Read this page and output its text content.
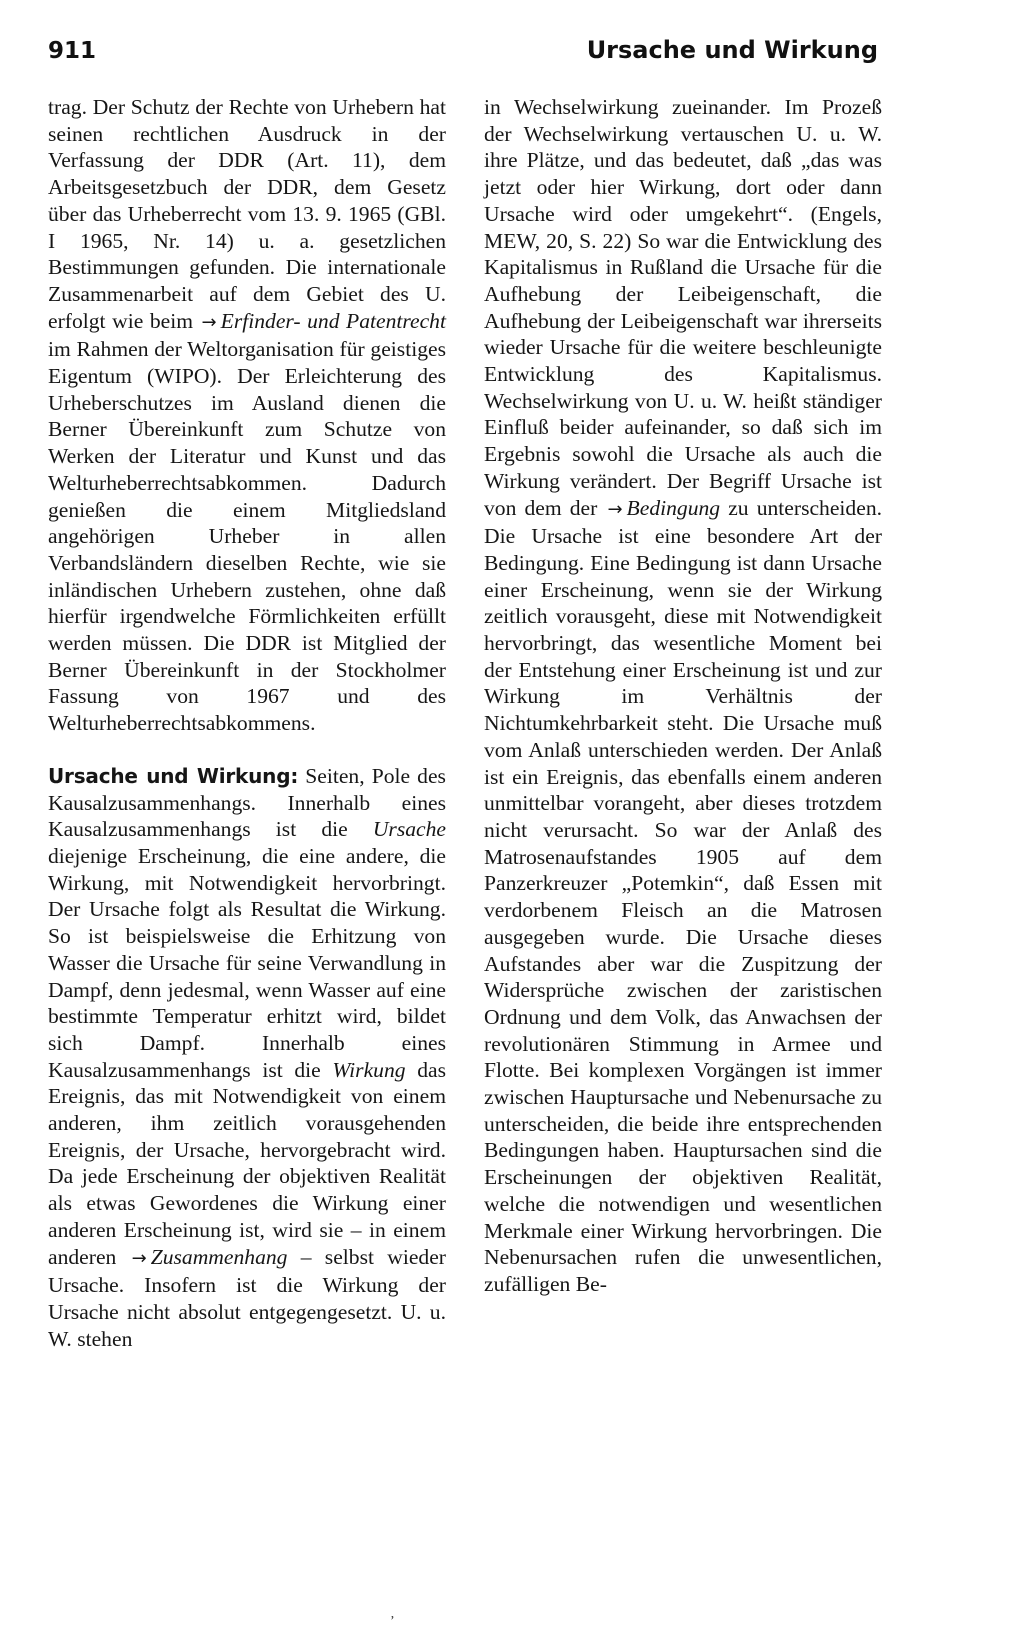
911	Ursache und Wirkung

trag. Der Schutz der Rechte von Urhebern hat seinen rechtlichen Ausdruck in der Verfassung der DDR (Art. 11), dem Arbeitsgesetzbuch der DDR, dem Gesetz über das Urheberrecht vom 13. 9. 1965 (GBl. I 1965, Nr. 14) u. a. gesetzlichen Bestimmungen gefunden. Die internationale Zusammenarbeit auf dem Gebiet des U. erfolgt wie beim → Erfinder- und Patentrecht im Rahmen der Weltorganisation für geistiges Eigentum (WIPO). Der Erleichterung des Urheberschutzes im Ausland dienen die Berner Übereinkunft zum Schutze von Werken der Literatur und Kunst und das Welturheberrechtsabkommen. Dadurch genießen die einem Mitgliedsland angehörigen Urheber in allen Verbandsländern dieselben Rechte, wie sie inländischen Urhebern zustehen, ohne daß hierfür irgendwelche Förmlichkeiten erfüllt werden müssen. Die DDR ist Mitglied der Berner Übereinkunft in der Stockholmer Fassung von 1967 und des Welturheberrechtsabkommens.

Ursache und Wirkung: Seiten, Pole des Kausalzusammenhangs. Innerhalb eines Kausalzusammenhangs ist die Ursache diejenige Erscheinung, die eine andere, die Wirkung, mit Notwendigkeit hervorbringt. Der Ursache folgt als Resultat die Wirkung. So ist beispielsweise die Erhitzung von Wasser die Ursache für seine Verwandlung in Dampf, denn jedesmal, wenn Wasser auf eine bestimmte Temperatur erhitzt wird, bildet sich Dampf. Innerhalb eines Kausalzusammenhangs ist die Wirkung das Ereignis, das mit Notwendigkeit von einem anderen, ihm zeitlich vorausgehenden Ereignis, der Ursache, hervorgebracht wird. Da jede Erscheinung der objektiven Realität als etwas Gewordenes die Wirkung einer anderen Erscheinung ist, wird sie – in einem anderen → Zusammenhang – selbst wieder Ursache. Insofern ist die Wirkung der Ursache nicht absolut entgegengesetzt. U. u. W. stehen

in Wechselwirkung zueinander. Im Prozeß der Wechselwirkung vertauschen U. u. W. ihre Plätze, und das bedeutet, daß „das was jetzt oder hier Wirkung, dort oder dann Ursache wird oder umgekehrt“. (Engels, MEW, 20, S. 22) So war die Entwicklung des Kapitalismus in Rußland die Ursache für die Aufhebung der Leibeigenschaft, die Aufhebung der Leibeigenschaft war ihrerseits wieder Ursache für die weitere beschleunigte Entwicklung des Kapitalismus. Wechselwirkung von U. u. W. heißt ständiger Einfluß beider aufeinander, so daß sich im Ergebnis sowohl die Ursache als auch die Wirkung verändert. Der Begriff Ursache ist von dem der → Bedingung zu unterscheiden. Die Ursache ist eine besondere Art der Bedingung. Eine Bedingung ist dann Ursache einer Erscheinung, wenn sie der Wirkung zeitlich vorausgeht, diese mit Notwendigkeit hervorbringt, das wesentliche Moment bei der Entstehung einer Erscheinung ist und zur Wirkung im Verhältnis der Nichtumkehrbarkeit steht. Die Ursache muß vom Anlaß unterschieden werden. Der Anlaß ist ein Ereignis, das ebenfalls einem anderen unmittelbar vorangeht, aber dieses trotzdem nicht verursacht. So war der Anlaß des Matrosenaufstandes 1905 auf dem Panzerkreuzer „Potemkin“, daß Essen mit verdorbenem Fleisch an die Matrosen ausgegeben wurde. Die Ursache dieses Aufstandes aber war die Zuspitzung der Widersprüche zwischen der zaristischen Ordnung und dem Volk, das Anwachsen der revolutionären Stimmung in Armee und Flotte. Bei komplexen Vorgängen ist immer zwischen Hauptursache und Nebenursache zu unterscheiden, die beide ihre entsprechenden Bedingungen haben. Hauptursachen sind die Erscheinungen der objektiven Realität, welche die notwendigen und wesentlichen Merkmale einer Wirkung hervorbringen. Die Nebenursachen rufen die unwesentlichen, zufälligen Be-

’
